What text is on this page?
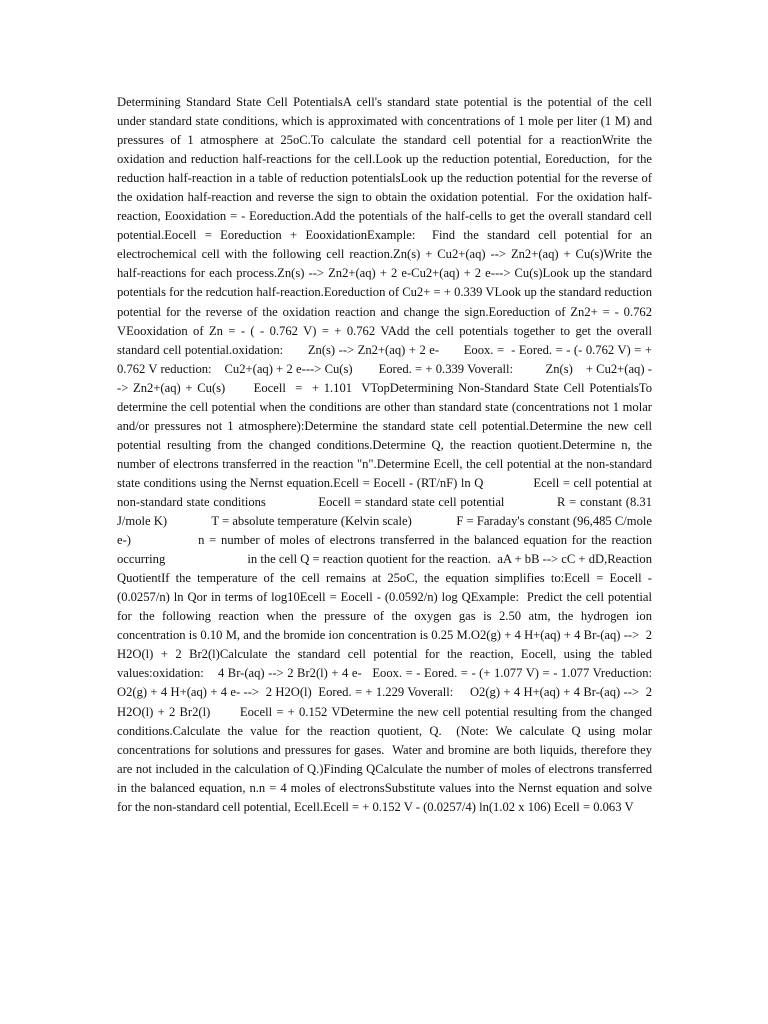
Determining Standard State Cell PotentialsA cell's standard state potential is the potential of the cell under standard state conditions, which is approximated with concentrations of 1 mole per liter (1 M) and pressures of 1 atmosphere at 25oC.To calculate the standard cell potential for a reactionWrite the oxidation and reduction half-reactions for the cell.Look up the reduction potential, Eoreduction,  for the reduction half-reaction in a table of reduction potentialsLook up the reduction potential for the reverse of the oxidation half-reaction and reverse the sign to obtain the oxidation potential.  For the oxidation half-reaction, Eooxidation = - Eoreduction.Add the potentials of the half-cells to get the overall standard cell potential.Eocell = Eoreduction + EooxidationExample:  Find the standard cell potential for an electrochemical cell with the following cell reaction.Zn(s) + Cu2+(aq) --> Zn2+(aq) + Cu(s)Write the half-reactions for each process.Zn(s) --> Zn2+(aq) + 2 e-Cu2+(aq) + 2 e---> Cu(s)Look up the standard potentials for the redcution half-reaction.Eoreduction of Cu2+ = + 0.339 VLook up the standard reduction potential for the reverse of the oxidation reaction and change the sign.Eoreduction of Zn2+ = - 0.762 VEooxidation of Zn = - ( - 0.762 V) = + 0.762 VAdd the cell potentials together to get the overall standard cell potential.oxidation:       Zn(s) --> Zn2+(aq) + 2 e-       Eoox. =  - Eored. = - (- 0.762 V) = + 0.762 V reduction:    Cu2+(aq) + 2 e---> Cu(s)        Eored. = + 0.339 Voverall:          Zn(s)    + Cu2+(aq) --> Zn2+(aq) + Cu(s)      Eocell  =  + 1.101  VTopDetermining Non-Standard State Cell PotentialsTo determine the cell potential when the conditions are other than standard state (concentrations not 1 molar and/or pressures not 1 atmosphere):Determine the standard state cell potential.Determine the new cell potential resulting from the changed conditions.Determine Q, the reaction quotient.Determine n, the number of electrons transferred in the reaction "n".Determine Ecell, the cell potential at the non-standard state conditions using the Nernst equation.Ecell = Eocell - (RT/nF) ln Q              Ecell = cell potential at non-standard state conditions              Eocell = standard state cell potential              R = constant (8.31 J/mole K)              T = absolute temperature (Kelvin scale)              F = Faraday's constant (96,485 C/mole e-)              n = number of moles of electrons transferred in the balanced equation for the reaction occurring                          in the cell Q = reaction quotient for the reaction.  aA + bB --> cC + dD,Reaction QuotientIf the temperature of the cell remains at 25oC, the equation simplifies to:Ecell = Eocell - (0.0257/n) ln Qor in terms of log10Ecell = Eocell - (0.0592/n) log QExample:  Predict the cell potential for the following reaction when the pressure of the oxygen gas is 2.50 atm, the hydrogen ion concentration is 0.10 M, and the bromide ion concentration is 0.25 M.O2(g) + 4 H+(aq) + 4 Br-(aq) -->  2 H2O(l) + 2 Br2(l)Calculate the standard cell potential for the reaction, Eocell, using the tabled values:oxidation:    4 Br-(aq) --> 2 Br2(l) + 4 e-   Eoox. = - Eored. = - (+ 1.077 V) = - 1.077 Vreduction:    O2(g) + 4 H+(aq) + 4 e- -->  2 H2O(l)  Eored. = + 1.229 Voverall:     O2(g) + 4 H+(aq) + 4 Br-(aq) -->  2 H2O(l) + 2 Br2(l)       Eocell = + 0.152 VDetermine the new cell potential resulting from the changed conditions.Calculate the value for the reaction quotient, Q.  (Note: We calculate Q using molar concentrations for solutions and pressures for gases.  Water and bromine are both liquids, therefore they are not included in the calculation of Q.)Finding QCalculate the number of moles of electrons transferred in the balanced equation, n.n = 4 moles of electronsSubstitute values into the Nernst equation and solve for the non-standard cell potential, Ecell.Ecell = + 0.152 V - (0.0257/4) ln(1.02 x 106) Ecell = 0.063 V
